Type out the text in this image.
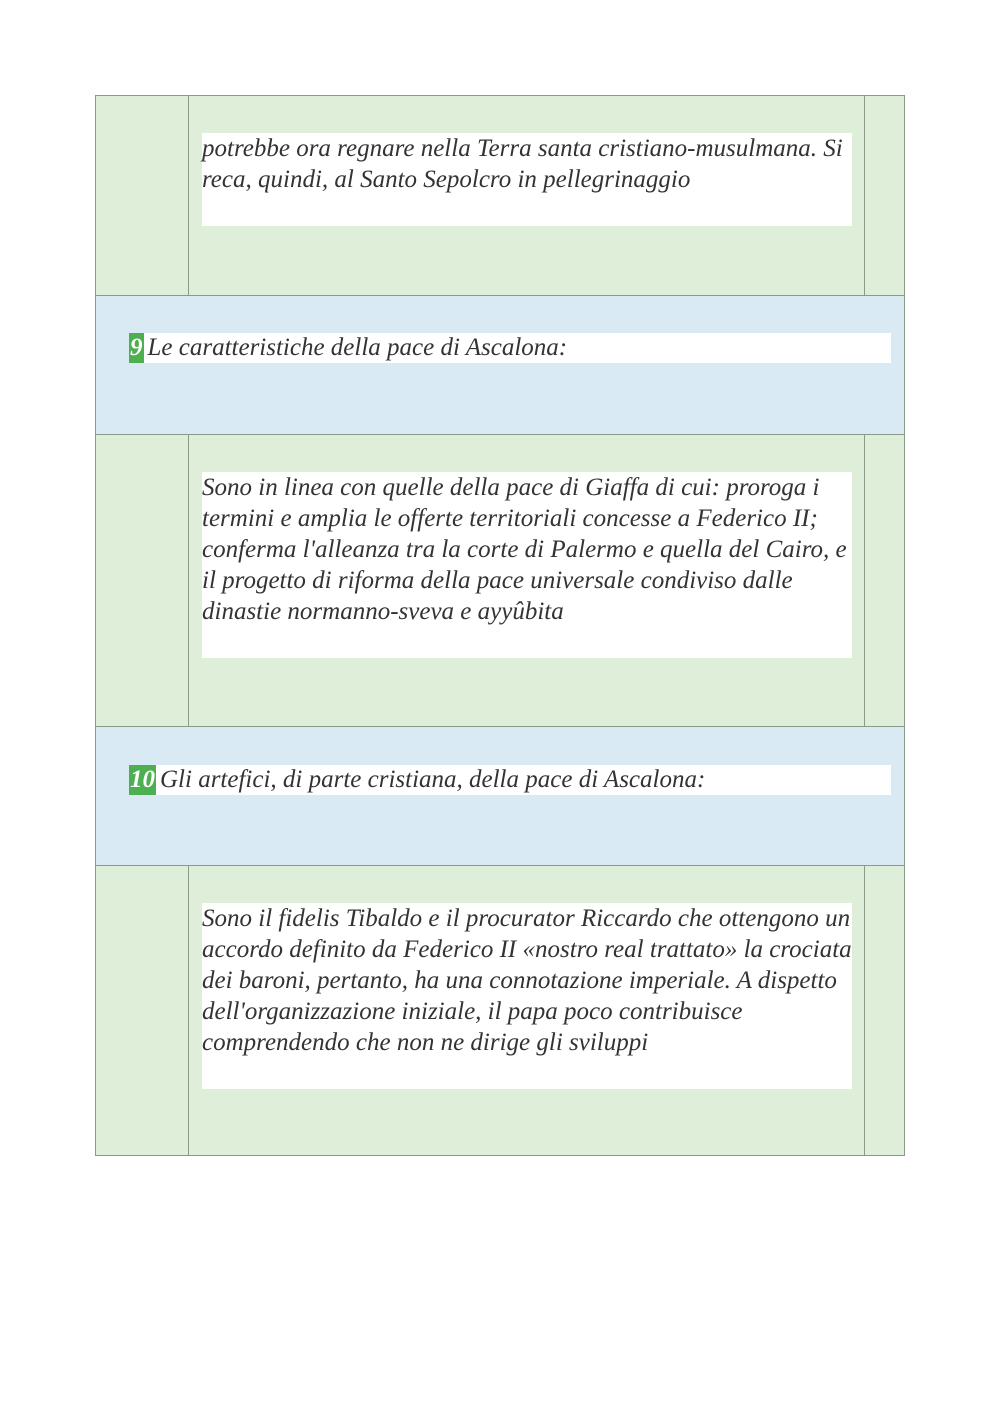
potrebbe ora regnare nella Terra santa cristiano-musulmana. Si reca, quindi, al Santo Sepolcro in pellegrinaggio
9 Le caratteristiche della pace di Ascalona:
Sono in linea con quelle della pace di Giaffa di cui: proroga i termini e amplia le offerte territoriali concesse a Federico II; conferma l'alleanza tra la corte di Palermo e quella del Cairo, e il progetto di riforma della pace universale condiviso dalle dinastie normanno-sveva e ayyûbita
10 Gli artefici, di parte cristiana, della pace di Ascalona:
Sono il fidelis Tibaldo e il procurator Riccardo che ottengono un accordo definito da Federico II «nostro real trattato» la crociata dei baroni, pertanto, ha una connotazione imperiale. A dispetto dell'organizzazione iniziale, il papa poco contribuisce comprendendo che non ne dirige gli sviluppi
